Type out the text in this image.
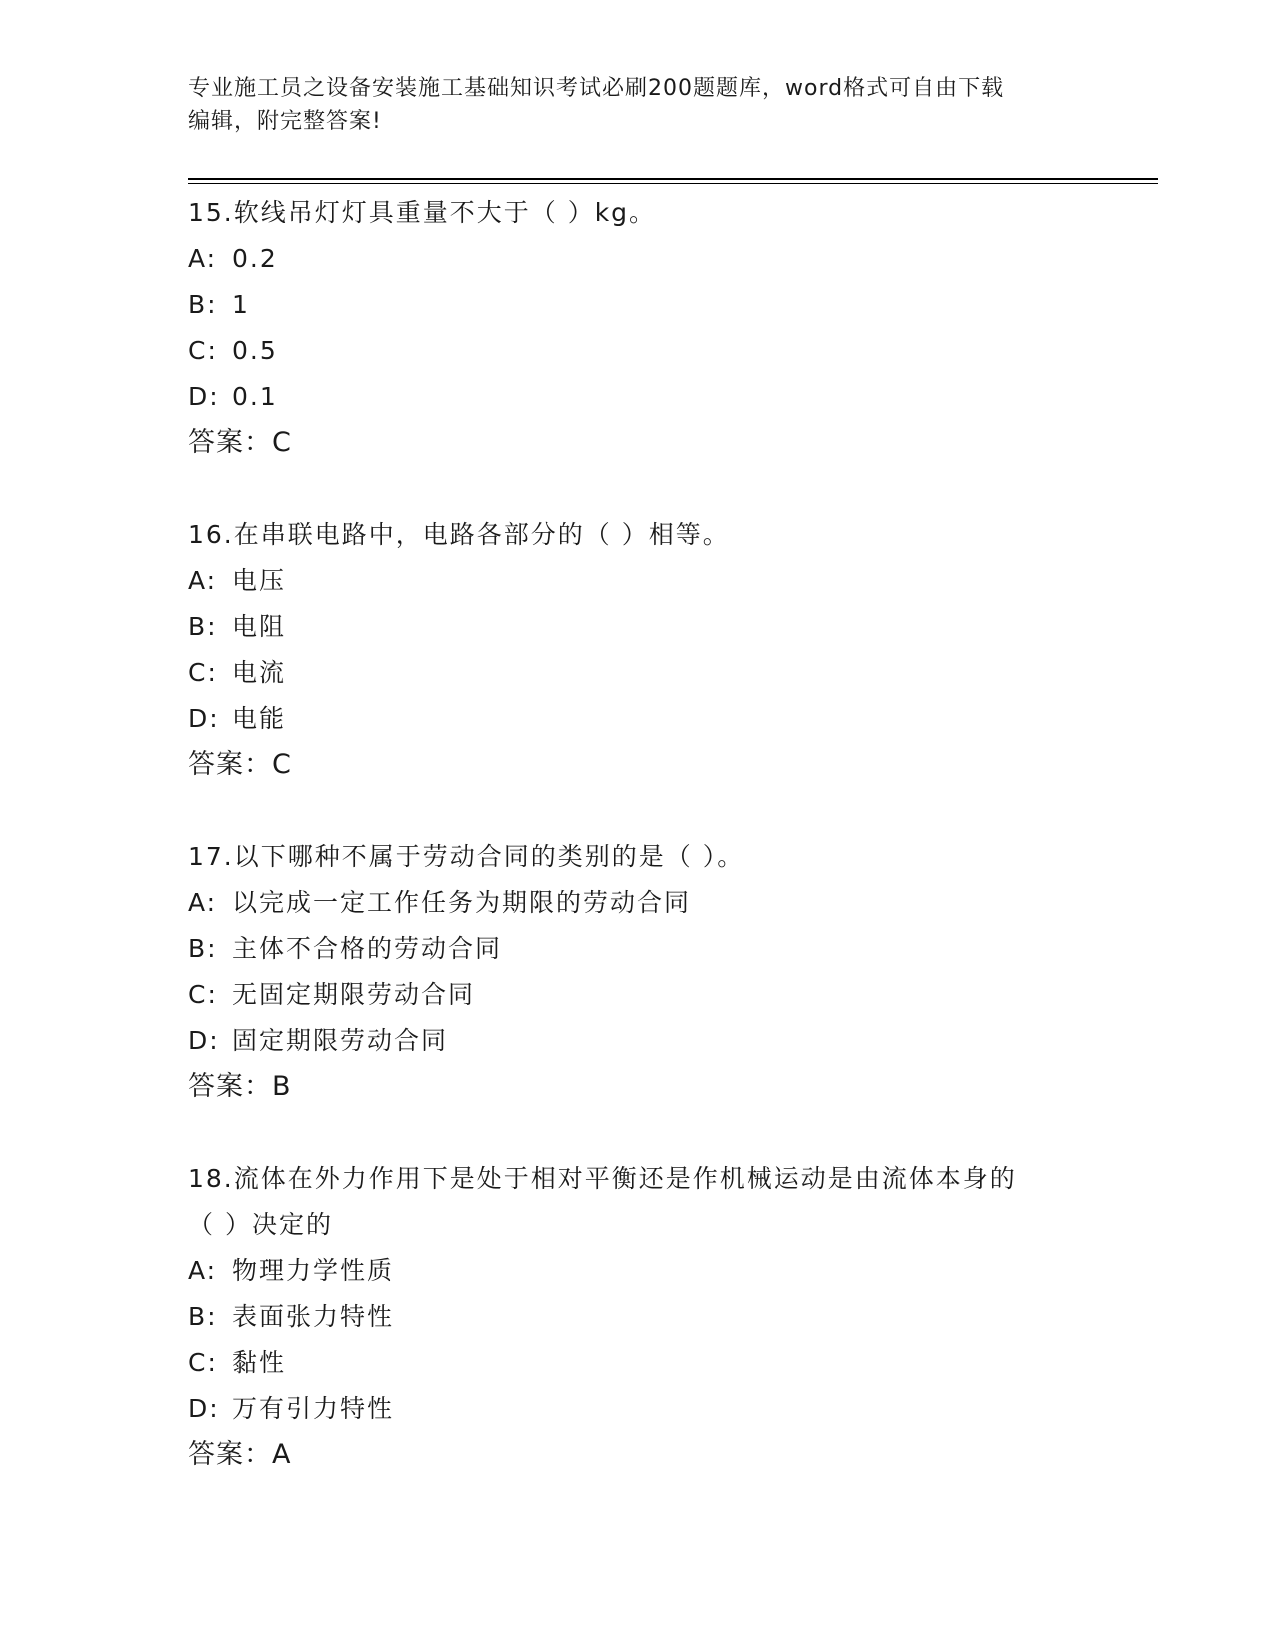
专业施工员之设备安装施工基础知识考试必刷200题题库，word格式可自由下载
编辑，附完整答案!
15.软线吊灯灯具重量不大于（ ）kg。
A: 0.2
B: 1
C: 0.5
D: 0.1
答案：C
16.在串联电路中，电路各部分的（ ）相等。
A: 电压
B: 电阻
C: 电流
D: 电能
答案：C
17.以下哪种不属于劳动合同的类别的是（ ）。
A: 以完成一定工作任务为期限的劳动合同
B: 主体不合格的劳动合同
C: 无固定期限劳动合同
D: 固定期限劳动合同
答案：B
18.流体在外力作用下是处于相对平衡还是作机械运动是由流体本身的
（ ）决定的
A: 物理力学性质
B: 表面张力特性
C: 黏性
D: 万有引力特性
答案：A
